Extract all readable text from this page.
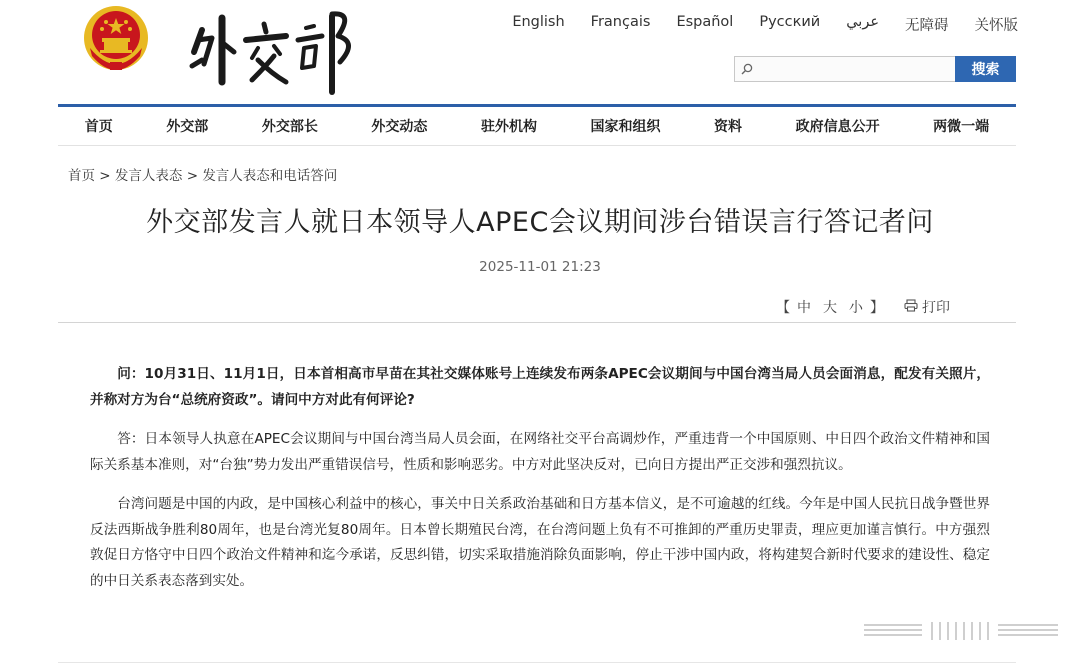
English Français Español Русский عربي 无障碍 关怀版
搜索
首页	外交部	外交部长	外交动态	驻外机构	国家和组织	资料	政府信息公开	两微一端
首页 > 发言人表态 > 发言人表态和电话答问
外交部发言人就日本领导人APEC会议期间涉台错误言行答记者问
2025-11-01 21:23
【 中 大 小 】	打印

问：10月31日、11月1日，日本首相高市早苗在其社交媒体账号上连续发布两条APEC会议期间与中国台湾当局人员会面消息，配发有关照片，并称对方为台“总统府资政”。请问中方对此有何评论?

答：日本领导人执意在APEC会议期间与中国台湾当局人员会面，在网络社交平台高调炒作，严重违背一个中国原则、中日四个政治文件精神和国际关系基本准则，对“台独”势力发出严重错误信号，性质和影响恶劣。中方对此坚决反对，已向日方提出严正交涉和强烈抗议。

台湾问题是中国的内政，是中国核心利益中的核心，事关中日关系政治基础和日方基本信义，是不可逾越的红线。今年是中国人民抗日战争暨世界反法西斯战争胜利80周年，也是台湾光复80周年。日本曾长期殖民台湾，在台湾问题上负有不可推卸的严重历史罪责，理应更加谨言慎行。中方强烈敦促日方恪守中日四个政治文件精神和迄今承诺，反思纠错，切实采取措施消除负面影响，停止干涉中国内政，将构建契合新时代要求的建设性、稳定的中日关系表态落到实处。
